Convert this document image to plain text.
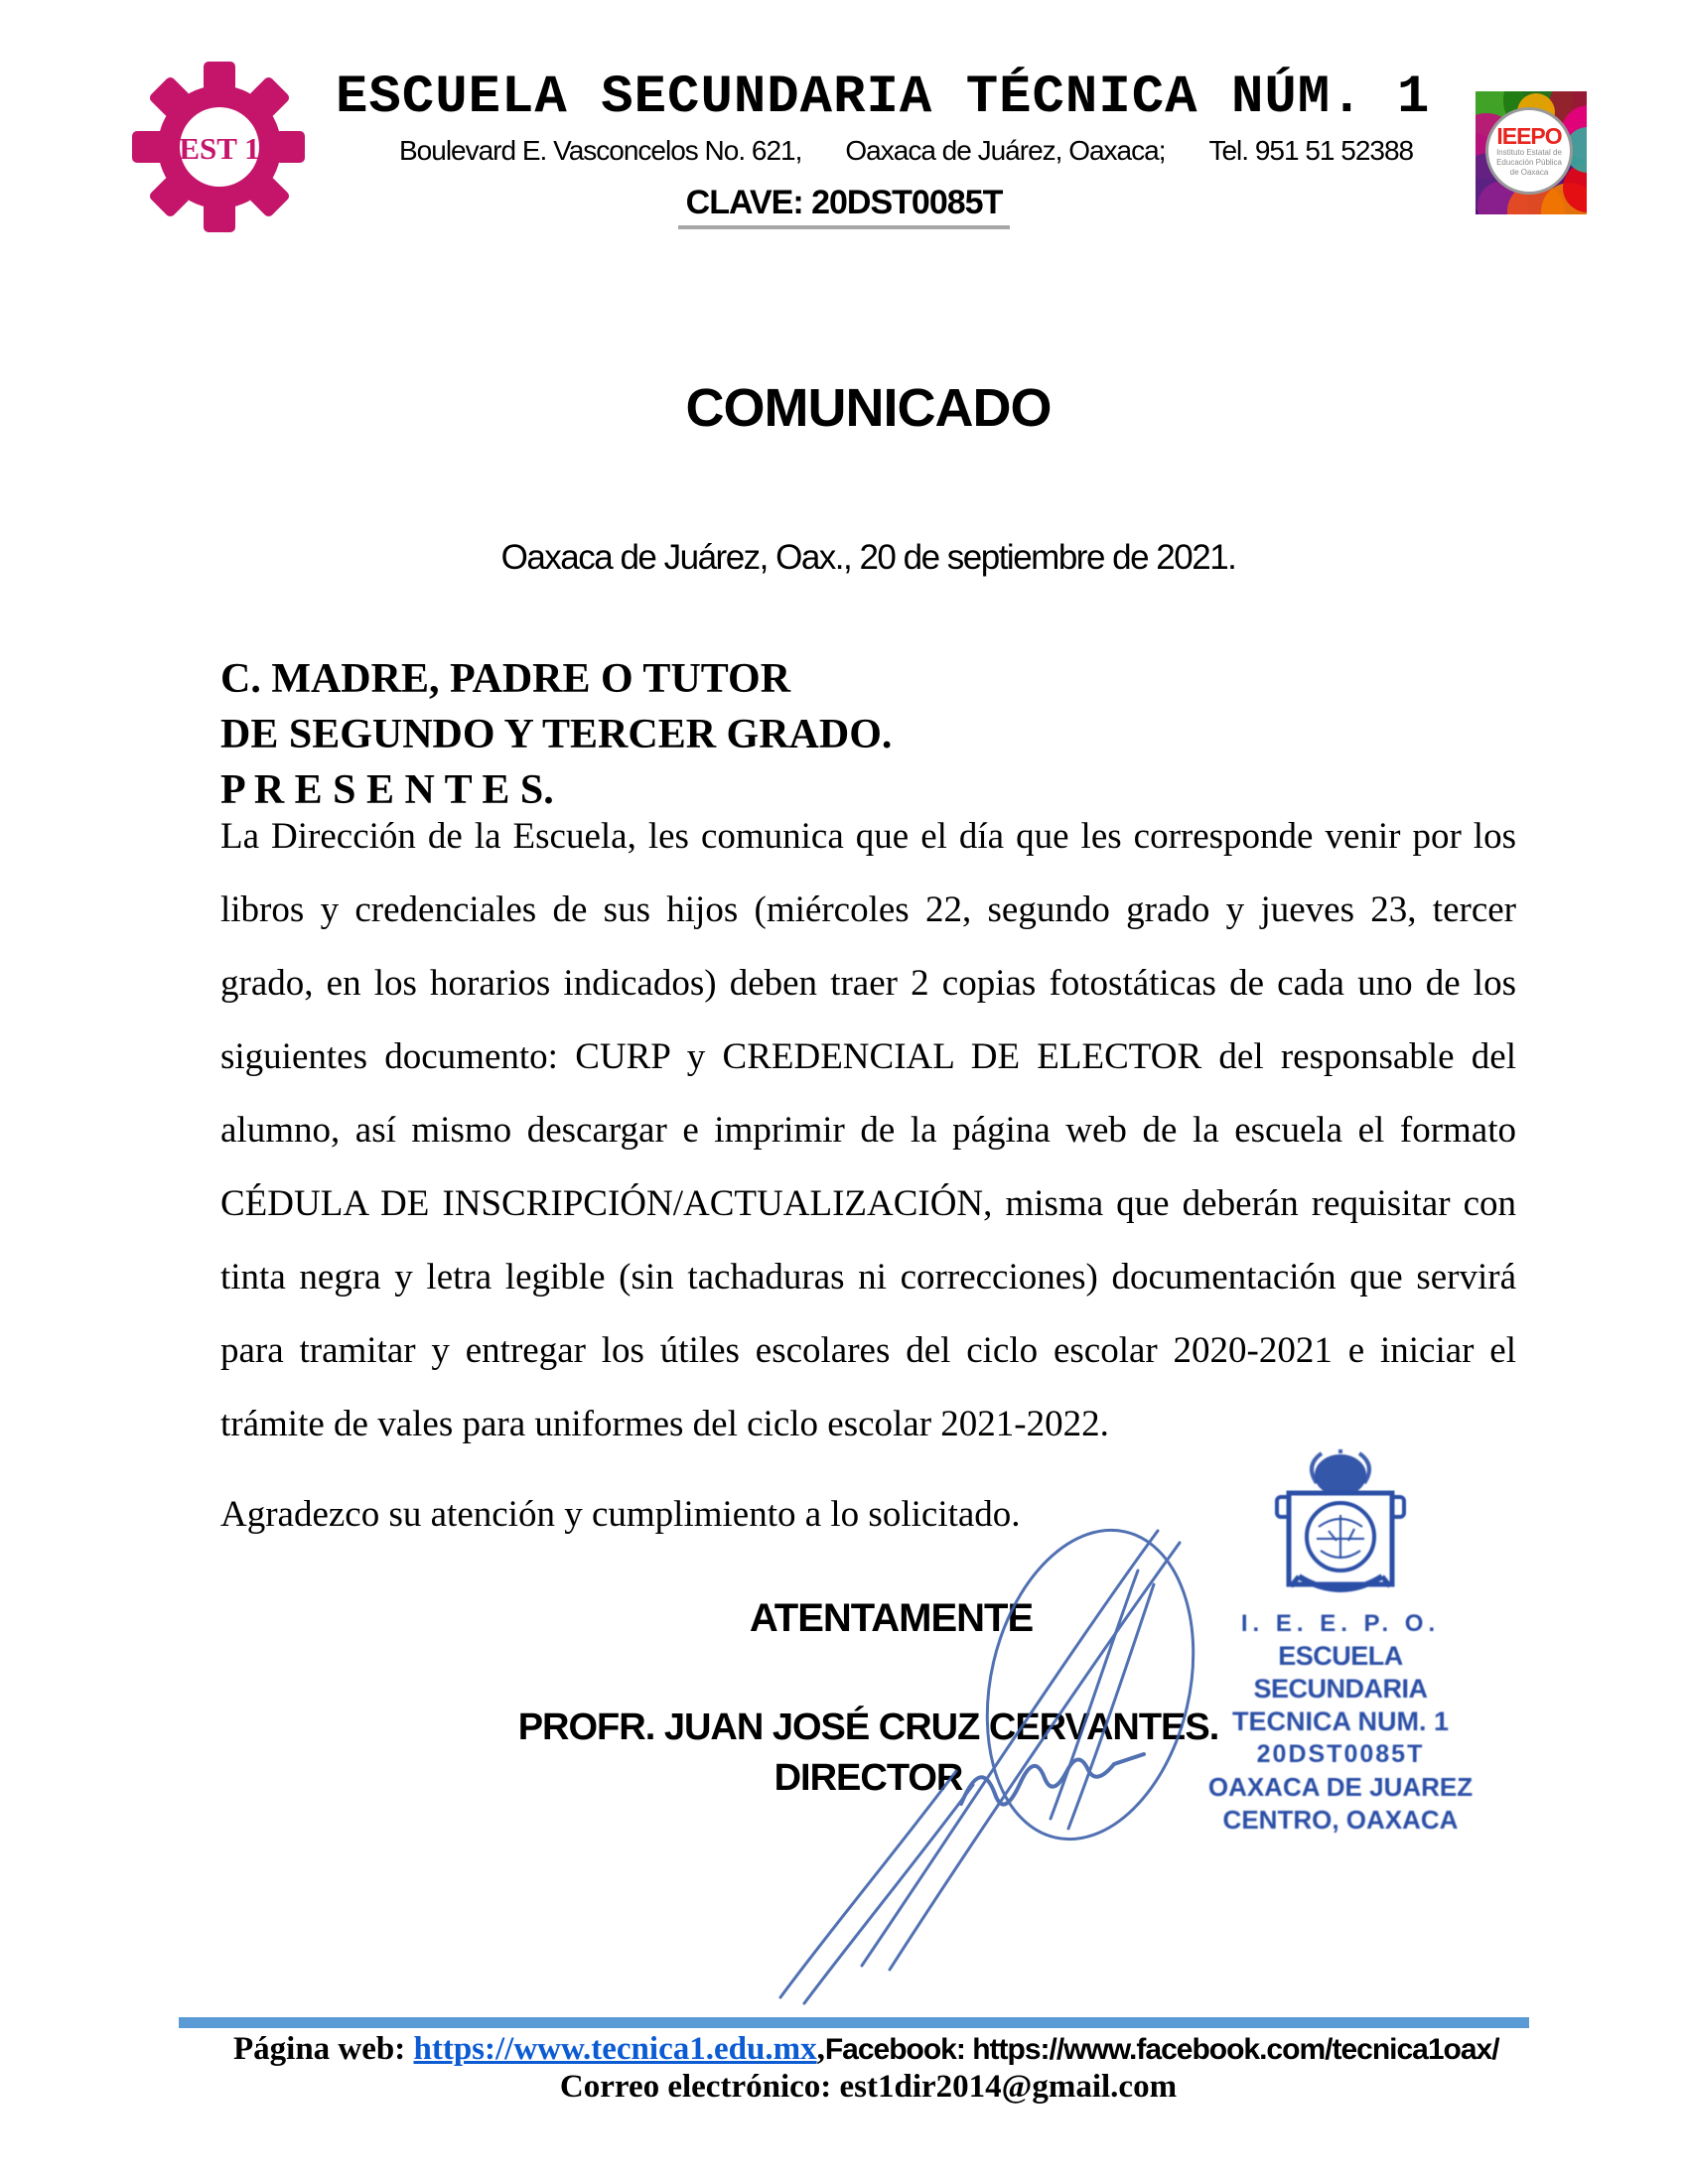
EST 1
ESCUELA SECUNDARIA TÉCNICA NÚM. 1
Boulevard E. Vasconcelos No. 621, Oaxaca de Juárez, Oaxaca; Tel. 951 51 52388	IEEPO
Instituto Estatal de
Educación Pública
de Oaxaca
CLAVE: 20DST0085T
COMUNICADO
Oaxaca de Juárez, Oax., 20 de septiembre de 2021.
C. MADRE, PADRE O TUTOR
DE SEGUNDO Y TERCER GRADO.
P R E S E N T E S.

La Dirección de la Escuela, les comunica que el día que les corresponde venir por los libros y credenciales de sus hijos (miércoles 22, segundo grado y jueves 23, tercer grado, en los horarios indicados) deben traer 2 copias fotostáticas de cada uno de los siguientes documento: CURP y CREDENCIAL DE ELECTOR del responsable del alumno, así mismo descargar e imprimir de la página web de la escuela el formato CÉDULA DE INSCRIPCIÓN/ACTUALIZACIÓN, misma que deberán requisitar con tinta negra y letra legible (sin tachaduras ni correcciones) documentación que servirá para tramitar y entregar los útiles escolares del ciclo escolar 2020-2021 e iniciar el trámite de vales para uniformes del ciclo escolar 2021-2022.

Agradezco su atención y cumplimiento a lo solicitado.

ATENTAMENTE
PROFR. JUAN JOSÉ CRUZ CERVANTES.
DIRECTOR
I. E. E. P. O.
ESCUELA SECUNDARIA
TECNICA NUM. 1
20DST0085T
OAXACA DE JUAREZ
CENTRO, OAXACA
Página web: https://www.tecnica1.edu.mx, Facebook: https://www.facebook.com/tecnica1oax/
Correo electrónico: est1dir2014@gmail.com
